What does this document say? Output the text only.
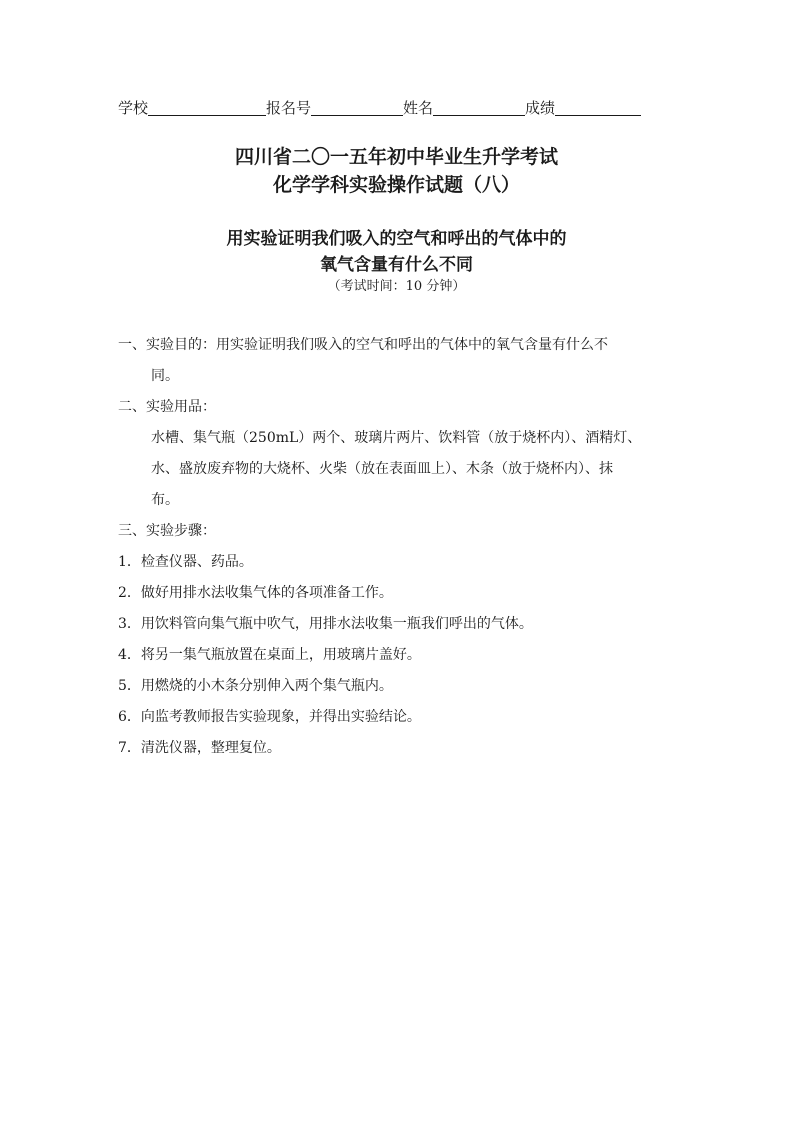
学校	报名号	姓名	成绩
四川省二〇一五年初中毕业生升学考试
化学学科实验操作试题（八）
用实验证明我们吸入的空气和呼出的气体中的
氧气含量有什么不同
（考试时间：10 分钟）
一、实验目的：用实验证明我们吸入的空气和呼出的气体中的氧气含量有什么不
同。
二、实验用品：
水槽、集气瓶（250mL）两个、玻璃片两片、饮料管（放于烧杯内）、酒精灯、
水、盛放废弃物的大烧杯、火柴（放在表面皿上）、木条（放于烧杯内）、抹
布。
三、实验步骤：
1．检查仪器、药品。
2．做好用排水法收集气体的各项准备工作。
3．用饮料管向集气瓶中吹气，用排水法收集一瓶我们呼出的气体。
4．将另一集气瓶放置在桌面上，用玻璃片盖好。
5．用燃烧的小木条分别伸入两个集气瓶内。
6．向监考教师报告实验现象，并得出实验结论。
7．清洗仪器，整理复位。
